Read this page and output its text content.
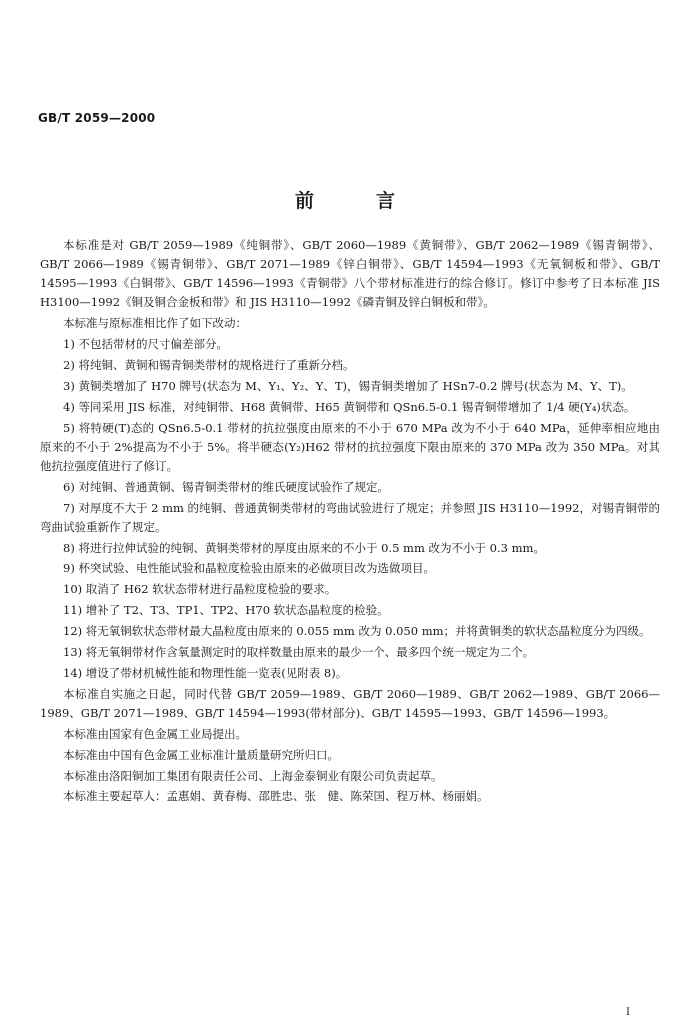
GB/T 2059—2000
前言

本标准是对 GB/T 2059—1989《纯铜带》、GB/T 2060—1989《黄铜带》、GB/T 2062—1989《锡青铜带》、GB/T 2066—1989《锡青铜带》、GB/T 2071—1989《锌白铜带》、GB/T 14594—1993《无氧铜板和带》、GB/T 14595—1993《白铜带》、GB/T 14596—1993《青铜带》八个带材标准进行的综合修订。修订中参考了日本标准 JIS H3100—1992《铜及铜合金板和带》和 JIS H3110—1992《磷青铜及锌白铜板和带》。

本标准与原标准相比作了如下改动：

1) 不包括带材的尺寸偏差部分。

2) 将纯铜、黄铜和锡青铜类带材的规格进行了重新分档。

3) 黄铜类增加了 H70 牌号(状态为 M、Y₁、Y₂、Y、T)，锡青铜类增加了 HSn7-0.2 牌号(状态为 M、Y、T)。

4) 等同采用 JIS 标准，对纯铜带、H68 黄铜带、H65 黄铜带和 QSn6.5-0.1 锡青铜带增加了 1/4 硬(Y₄)状态。

5) 将特硬(T)态的 QSn6.5-0.1 带材的抗拉强度由原来的不小于 670 MPa 改为不小于 640 MPa，延伸率相应地由原来的不小于 2%提高为不小于 5%。将半硬态(Y₂)H62 带材的抗拉强度下限由原来的 370 MPa 改为 350 MPa。对其他抗拉强度值进行了修订。

6) 对纯铜、普通黄铜、锡青铜类带材的维氏硬度试验作了规定。

7) 对厚度不大于 2 mm 的纯铜、普通黄铜类带材的弯曲试验进行了规定；并参照 JIS H3110—1992，对锡青铜带的弯曲试验重新作了规定。

8) 将进行拉伸试验的纯铜、黄铜类带材的厚度由原来的不小于 0.5 mm 改为不小于 0.3 mm。

9) 杯突试验、电性能试验和晶粒度检验由原来的必做项目改为选做项目。

10) 取消了 H62 软状态带材进行晶粒度检验的要求。

11) 增补了 T2、T3、TP1、TP2、H70 软状态晶粒度的检验。

12) 将无氧铜软状态带材最大晶粒度由原来的 0.055 mm 改为 0.050 mm；并将黄铜类的软状态晶粒度分为四级。

13) 将无氧铜带材作含氧量测定时的取样数量由原来的最少一个、最多四个统一规定为二个。

14) 增设了带材机械性能和物理性能一览表(见附表 8)。

本标准自实施之日起，同时代替 GB/T 2059—1989、GB/T 2060—1989、GB/T 2062—1989、GB/T 2066—1989、GB/T 2071—1989、GB/T 14594—1993(带材部分)、GB/T 14595—1993、GB/T 14596—1993。

本标准由国家有色金属工业局提出。

本标准由中国有色金属工业标准计量质量研究所归口。

本标准由洛阳铜加工集团有限责任公司、上海金泰铜业有限公司负责起草。

本标准主要起草人：孟惠娟、黄春梅、邵胜忠、张　健、陈荣国、程万林、杨丽娟。

I
